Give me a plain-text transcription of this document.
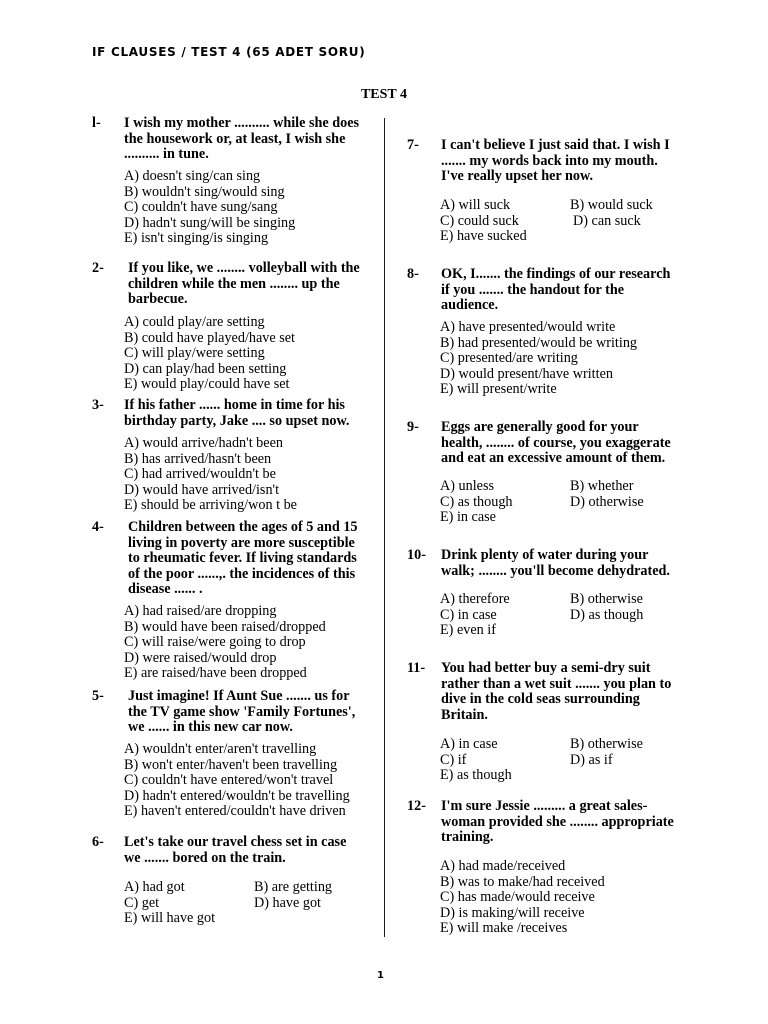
IF CLAUSES / TEST 4 (65 ADET SORU)
TEST 4
l- I wish my mother .......... while she does
the housework or, at least, I wish she
.......... in tune.
A) doesn't sing/can sing
B) wouldn't sing/would sing
C) couldn't have sung/sang
D) hadn't sung/will be singing
E) isn't singing/is singing
2- If you like, we ........ volleyball with the
children while the men ........ up the
barbecue.
A) could play/are setting
B) could have played/have set
C) will play/were setting
D) can play/had been setting
E) would play/could have set
3- If his father ...... home in time for his
birthday party, Jake .... so upset now.
A) would arrive/hadn't been
B) has arrived/hasn't been
C) had arrived/wouldn't be
D) would have arrived/isn't
E) should be arriving/won t be
4- Children between the ages of 5 and 15
living in poverty are more susceptible
to rheumatic fever. If living standards
of the poor ......,. the incidences of this
disease ...... .
A) had raised/are dropping
B) would have been raised/dropped
C) will raise/were going to drop
D) were raised/would drop
E) are raised/have been dropped
5- Just imagine! If Aunt Sue ....... us for
the TV game show 'Family Fortunes',
we ...... in this new car now.
A) wouldn't enter/aren't travelling
B) won't enter/haven't been travelling
C) couldn't have entered/won't travel
D) hadn't entered/wouldn't be travelling
E) haven't entered/couldn't have driven
6- Let's take our travel chess set in case
we ....... bored on the train.
A) had got	B) are getting
C) get	D) have got
E) will have got
7- I can't believe I just said that. I wish I
....... my words back into my mouth.
I've really upset her now.
A) will suck	B) would suck
C) could suck	D) can suck
E) have sucked
8- OK, I....... the findings of our research
if you ....... the handout for the
audience.
A) have presented/would write
B) had presented/would be writing
C) presented/are writing
D) would present/have written
E) will present/write
9- Eggs are generally good for your
health, ........ of course, you exaggerate
and eat an excessive amount of them.
A) unless	B) whether
C) as though	D) otherwise
E) in case
10- Drink plenty of water during your
walk; ........ you'll become dehydrated.
A) therefore	B) otherwise
C) in case	D) as though
E) even if
11- You had better buy a semi-dry suit
rather than a wet suit ....... you plan to
dive in the cold seas surrounding
Britain.
A) in case	B) otherwise
C) if	D) as if
E) as though
12- I'm sure Jessie ......... a great sales-
woman provided she ........ appropriate
training.
A) had made/received
B) was to make/had received
C) has made/would receive
D) is making/will receive
E) will make /receives
1
